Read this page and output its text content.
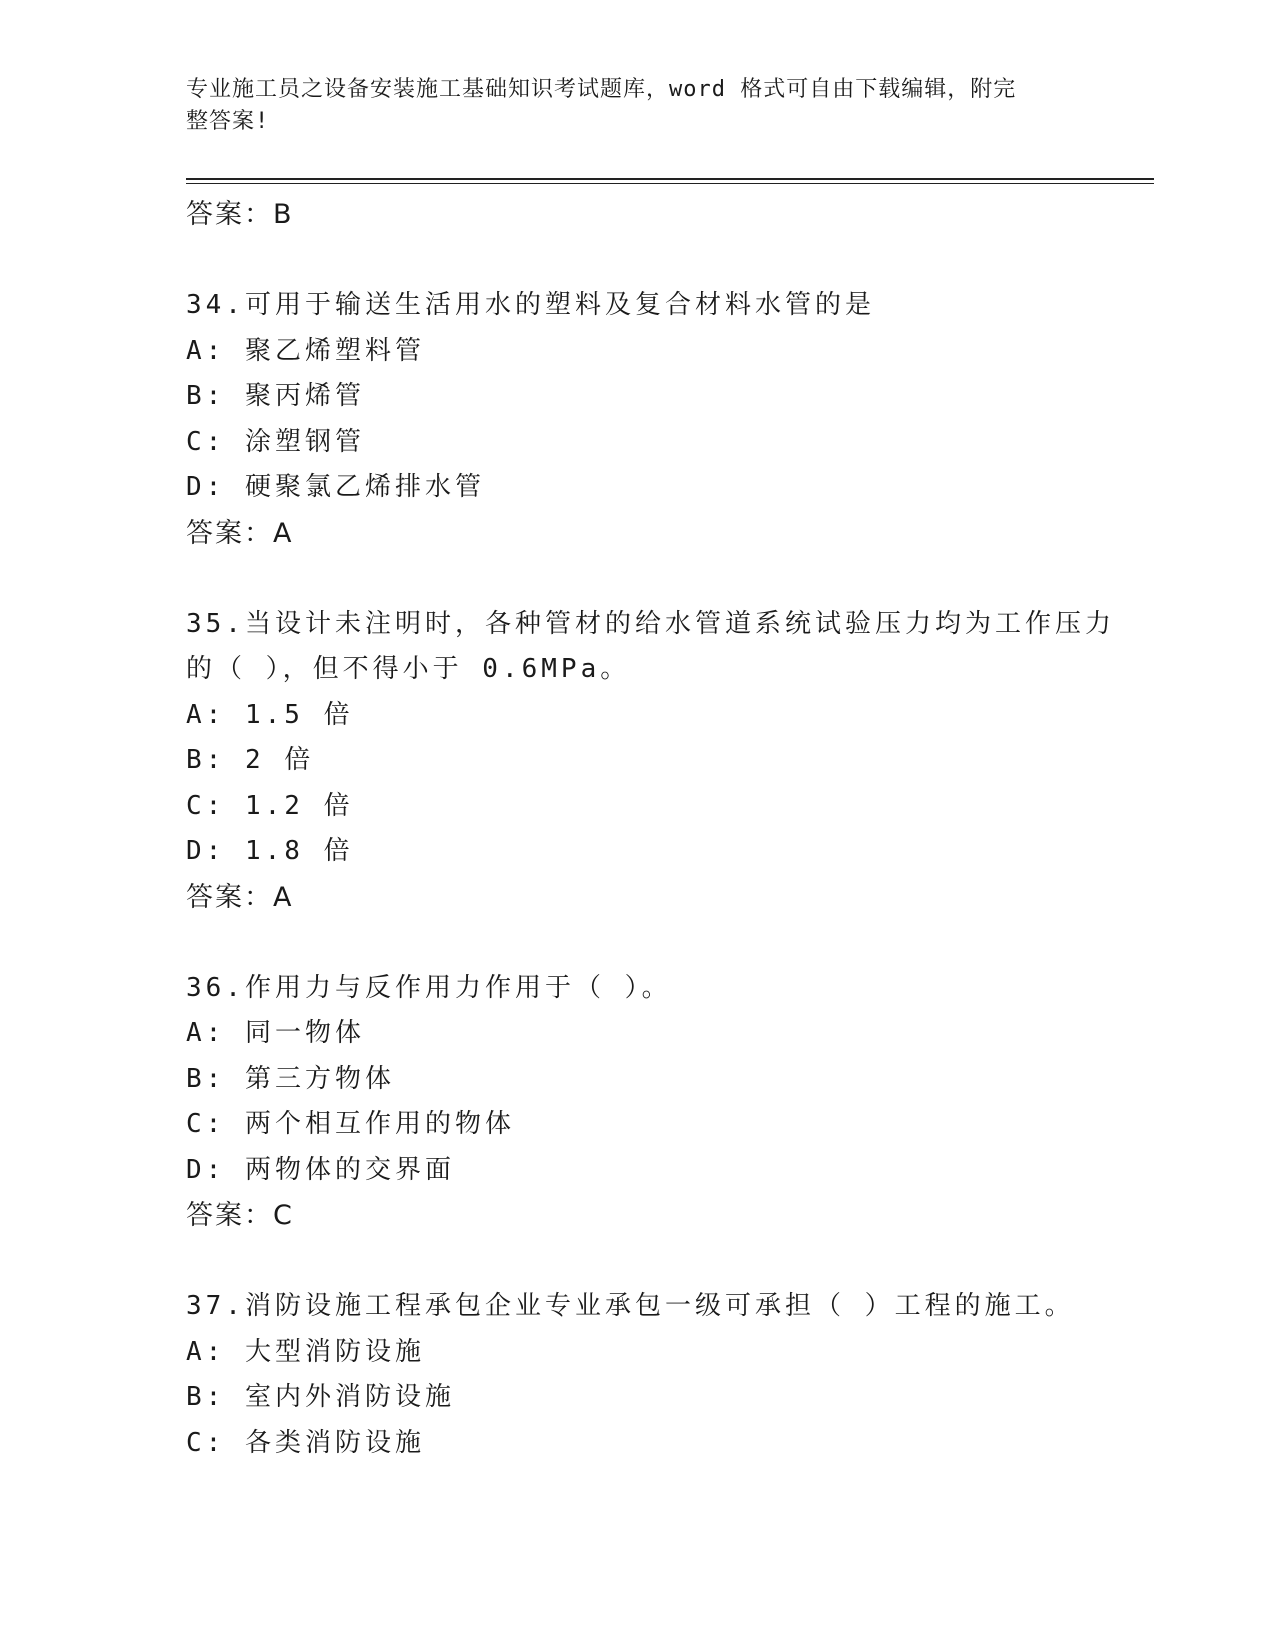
专业施工员之设备安装施工基础知识考试题库，word 格式可自由下载编辑，附完
整答案!
答案：B
34.可用于输送生活用水的塑料及复合材料水管的是
A: 聚乙烯塑料管
B: 聚丙烯管
C: 涂塑钢管
D: 硬聚氯乙烯排水管
答案：A
35.当设计未注明时，各种管材的给水管道系统试验压力均为工作压力
的（ ），但不得小于 0.6MPa。
A: 1.5 倍
B: 2 倍
C: 1.2 倍
D: 1.8 倍
答案：A
36.作用力与反作用力作用于（ ）。
A: 同一物体
B: 第三方物体
C: 两个相互作用的物体
D: 两物体的交界面
答案：C
37.消防设施工程承包企业专业承包一级可承担（ ）工程的施工。
A: 大型消防设施
B: 室内外消防设施
C: 各类消防设施
